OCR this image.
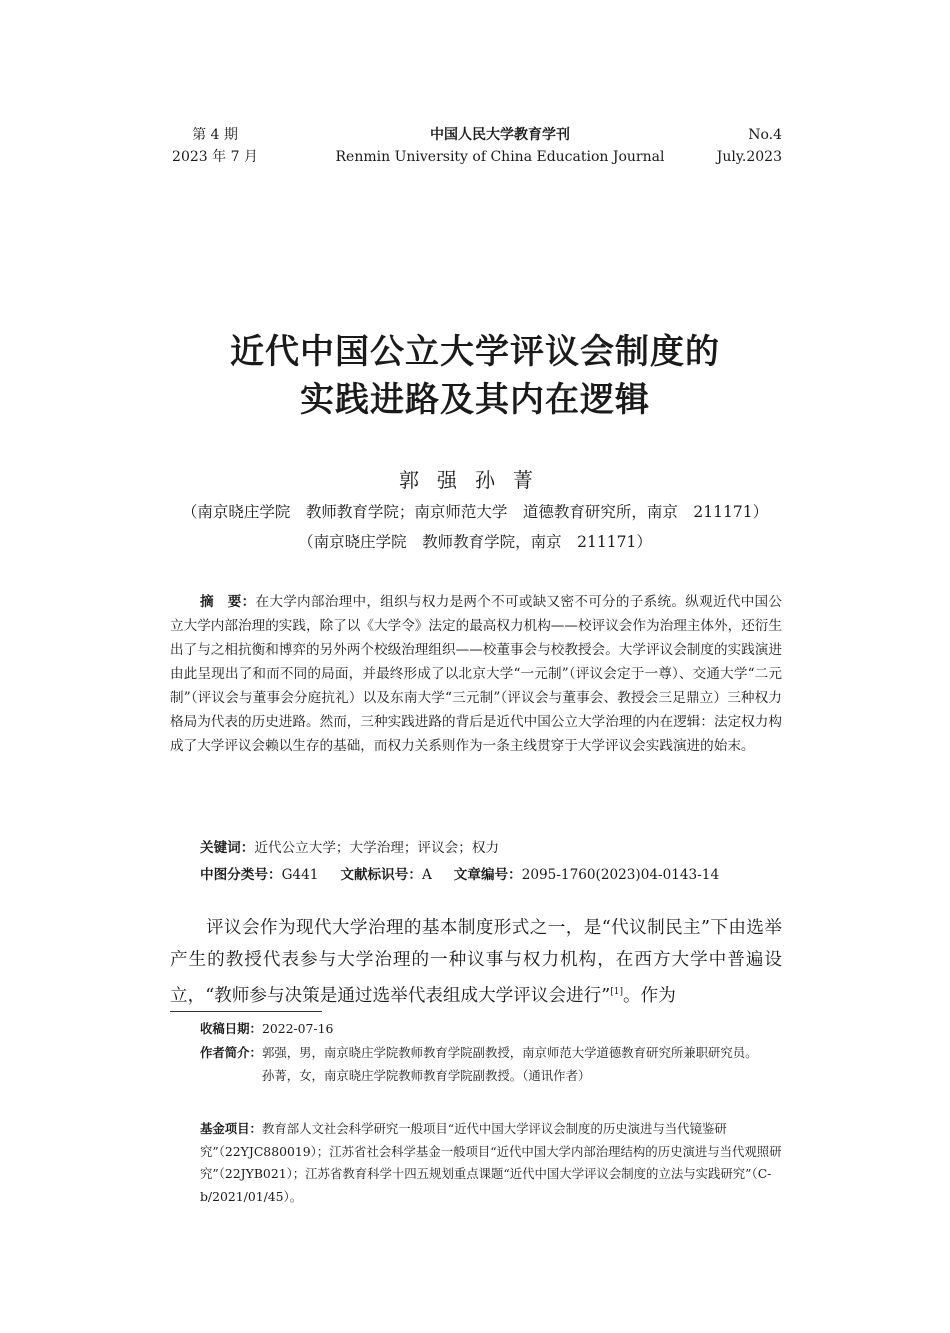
第 4 期
2023 年 7 月
中国人民大学教育学刊
Renmin University of China Education Journal
No.4
July.2023
近代中国公立大学评议会制度的
实践进路及其内在逻辑
郭强孙菁
（南京晓庄学院　教师教育学院；南京师范大学　道德教育研究所，南京　211171）
（南京晓庄学院　教师教育学院，南京　211171）
摘　要：在大学内部治理中，组织与权力是两个不可或缺又密不可分的子系统。纵观近代中国公立大学内部治理的实践，除了以《大学令》法定的最高权力机构——校评议会作为治理主体外，还衍生出了与之相抗衡和博弈的另外两个校级治理组织——校董事会与校教授会。大学评议会制度的实践演进由此呈现出了和而不同的局面，并最终形成了以北京大学“一元制”（评议会定于一尊）、交通大学“二元制”（评议会与董事会分庭抗礼）以及东南大学“三元制”（评议会与董事会、教授会三足鼎立）三种权力格局为代表的历史进路。然而，三种实践进路的背后是近代中国公立大学治理的内在逻辑：法定权力构成了大学评议会赖以生存的基础，而权力关系则作为一条主线贯穿于大学评议会实践演进的始末。
关键词：近代公立大学；大学治理；评议会；权力
中图分类号：G441 文献标识号：A 文章编号：2095-1760(2023)04-0143-14
评议会作为现代大学治理的基本制度形式之一，是“代议制民主”下由选举产生的教授代表参与大学治理的一种议事与权力机构，在西方大学中普遍设立，“教师参与决策是通过选举代表组成大学评议会进行”[1]。作为
收稿日期：2022-07-16
作者简介： 郭强，男，南京晓庄学院教师教育学院副教授，南京师范大学道德教育研究所兼职研究员。
孙菁，女，南京晓庄学院教师教育学院副教授。（通讯作者）
基金项目：教育部人文社会科学研究一般项目“近代中国大学评议会制度的历史演进与当代镜鉴研究”（22YJC880019）；江苏省社会科学基金一般项目“近代中国大学内部治理结构的历史演进与当代观照研究”（22JYB021）；江苏省教育科学十四五规划重点课题“近代中国大学评议会制度的立法与实践研究”（C-b/2021/01/45）。
